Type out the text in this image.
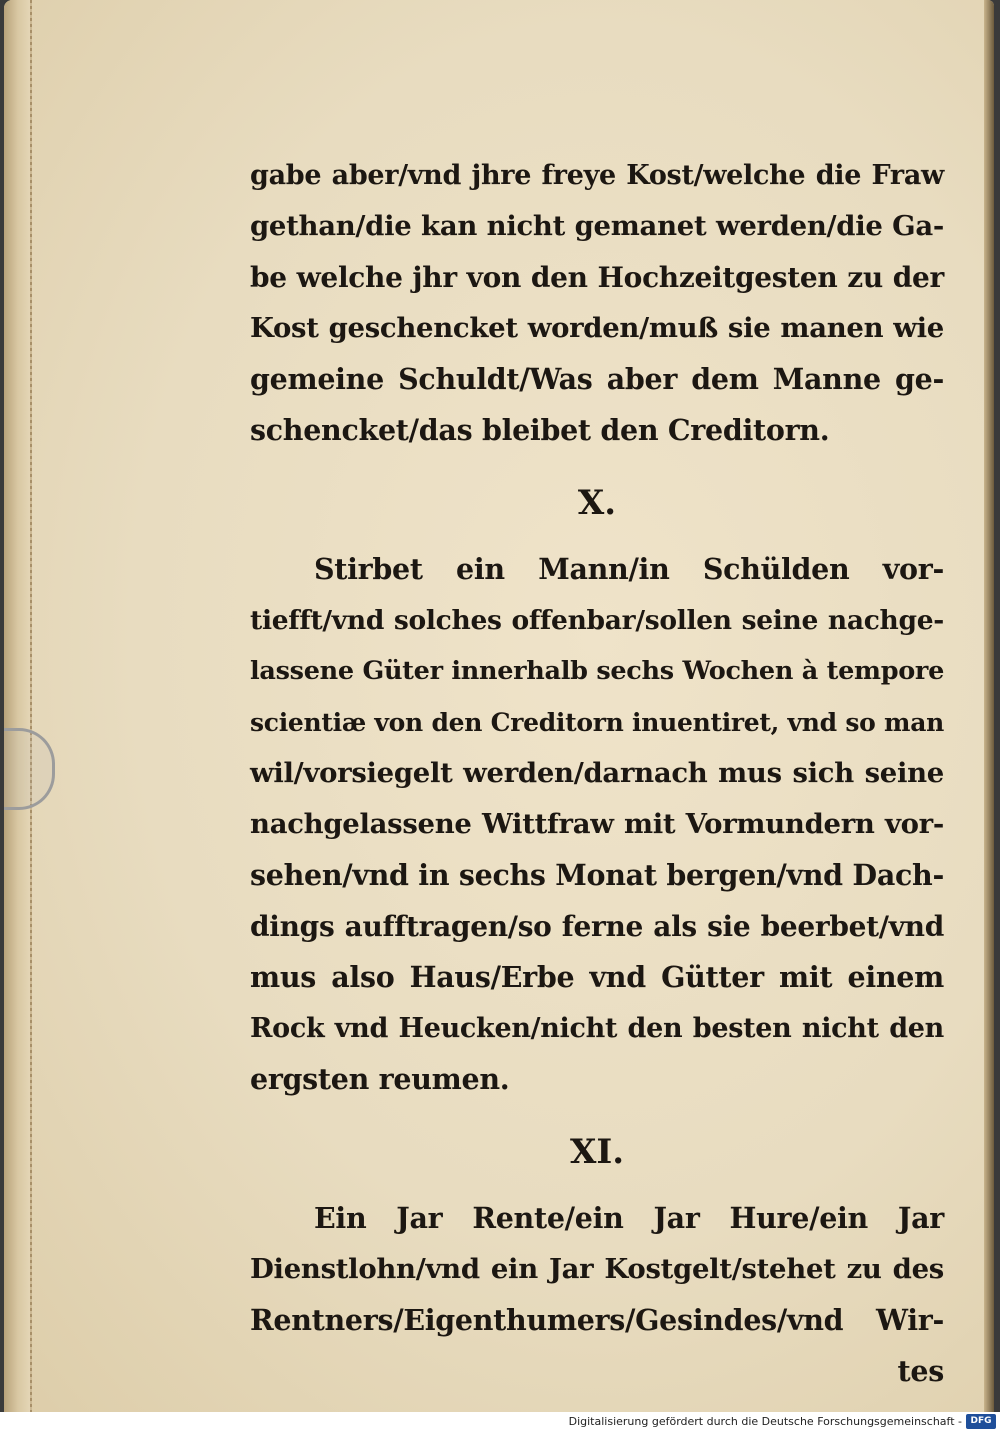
gabe aber/vnd jhre freye Kost/welche die Fraw
gethan/die kan nicht gemanet werden/die Ga-
be welche jhr von den Hochzeitgesten zu der
Kost geschencket worden/muß sie manen wie
gemeine Schuldt/Was aber dem Manne ge-
schencket/das bleibet den Creditorn.
X.
Stirbet ein Mann/in Schülden vor-
tiefft/vnd solches offenbar/sollen seine nachge-
lassene Güter innerhalb sechs Wochen à tempore
scientiæ von den Creditorn inuentiret, vnd so man
wil/vorsiegelt werden/darnach mus sich seine
nachgelassene Wittfraw mit Vormundern vor-
sehen/vnd in sechs Monat bergen/vnd Dach-
dings aufftragen/so ferne als sie beerbet/vnd
mus also Haus/Erbe vnd Gütter mit einem
Rock vnd Heucken/nicht den besten nicht den
ergsten reumen.
XI.
Ein Jar Rente/ein Jar Hure/ein Jar
Dienstlohn/vnd ein Jar Kostgelt/stehet zu des
Rentners/Eigenthumers/Gesindes/vnd Wir-
tes
Digitalisierung gefördert durch die Deutsche Forschungsgemeinschaft - DFG
